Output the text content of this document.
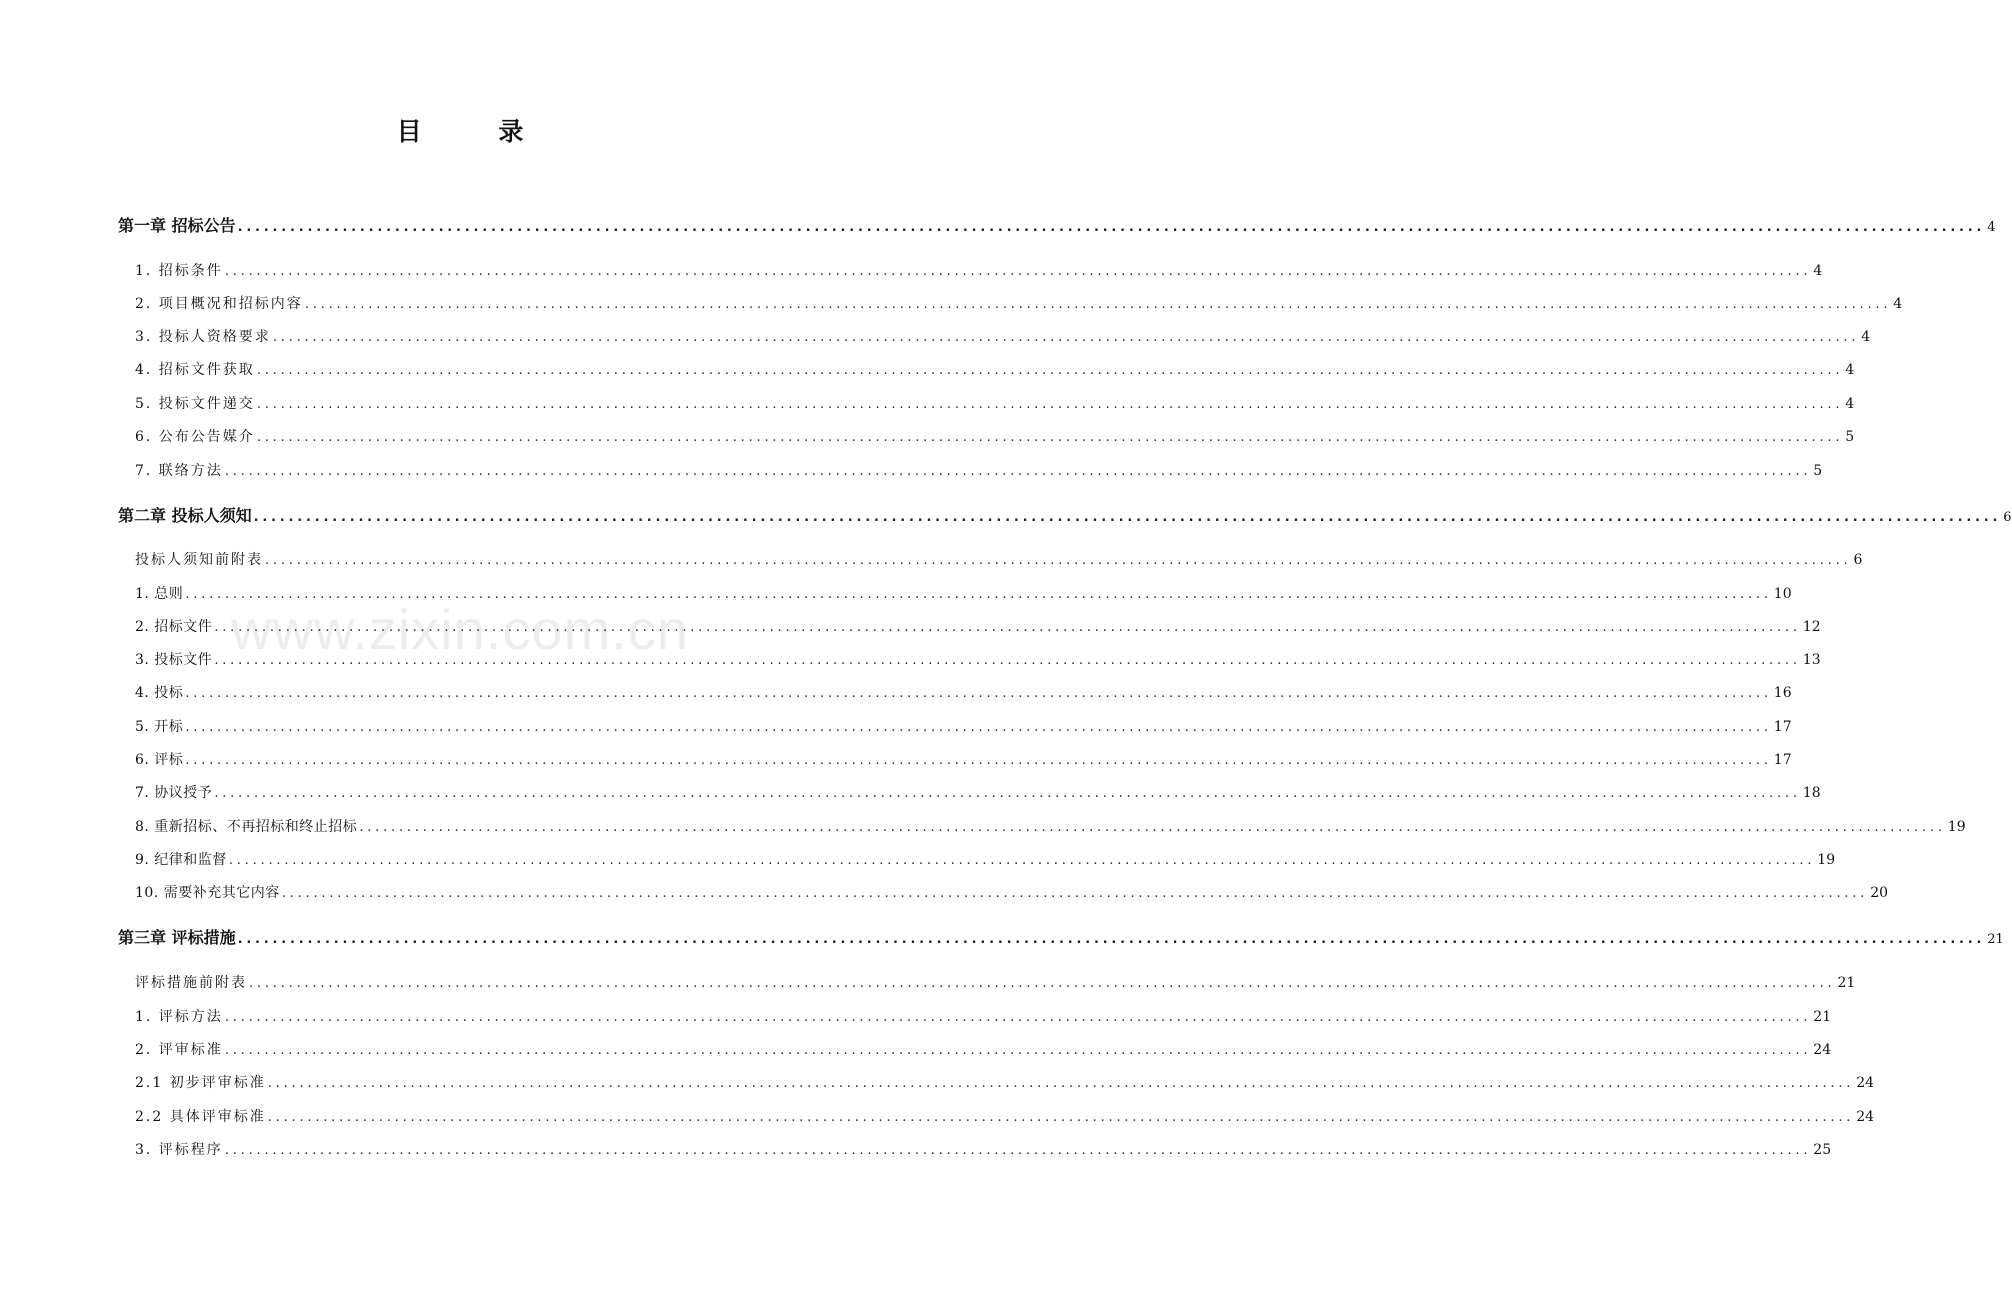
目 录
www.zixin.com.cn
第一章 招标公告 ........................................................................................................................................................................................................ 4
1. 招标条件 ........................................................................................................................................................................................................ 4
2. 项目概况和招标内容 ........................................................................................................................................................................................................ 4
3. 投标人资格要求 ........................................................................................................................................................................................................ 4
4. 招标文件获取 ........................................................................................................................................................................................................ 4
5. 投标文件递交 ........................................................................................................................................................................................................ 4
6. 公布公告媒介 ........................................................................................................................................................................................................ 5
7. 联络方法 ........................................................................................................................................................................................................ 5
第二章 投标人须知 ........................................................................................................................................................................................................ 6
投标人须知前附表 ........................................................................................................................................................................................................ 6
1. 总则 ........................................................................................................................................................................................................ 10
2. 招标文件 ........................................................................................................................................................................................................ 12
3. 投标文件 ........................................................................................................................................................................................................ 13
4. 投标 ........................................................................................................................................................................................................ 16
5. 开标 ........................................................................................................................................................................................................ 17
6. 评标 ........................................................................................................................................................................................................ 17
7. 协议授予 ........................................................................................................................................................................................................ 18
8. 重新招标、不再招标和终止招标 ........................................................................................................................................................................................................ 19
9. 纪律和监督 ........................................................................................................................................................................................................ 19
10. 需要补充其它内容 ........................................................................................................................................................................................................ 20
第三章 评标措施 ........................................................................................................................................................................................................ 21
评标措施前附表 ........................................................................................................................................................................................................ 21
1. 评标方法 ........................................................................................................................................................................................................ 21
2. 评审标准 ........................................................................................................................................................................................................ 24
2.1 初步评审标准 ........................................................................................................................................................................................................ 24
2.2 具体评审标准 ........................................................................................................................................................................................................ 24
3. 评标程序 ........................................................................................................................................................................................................ 25
